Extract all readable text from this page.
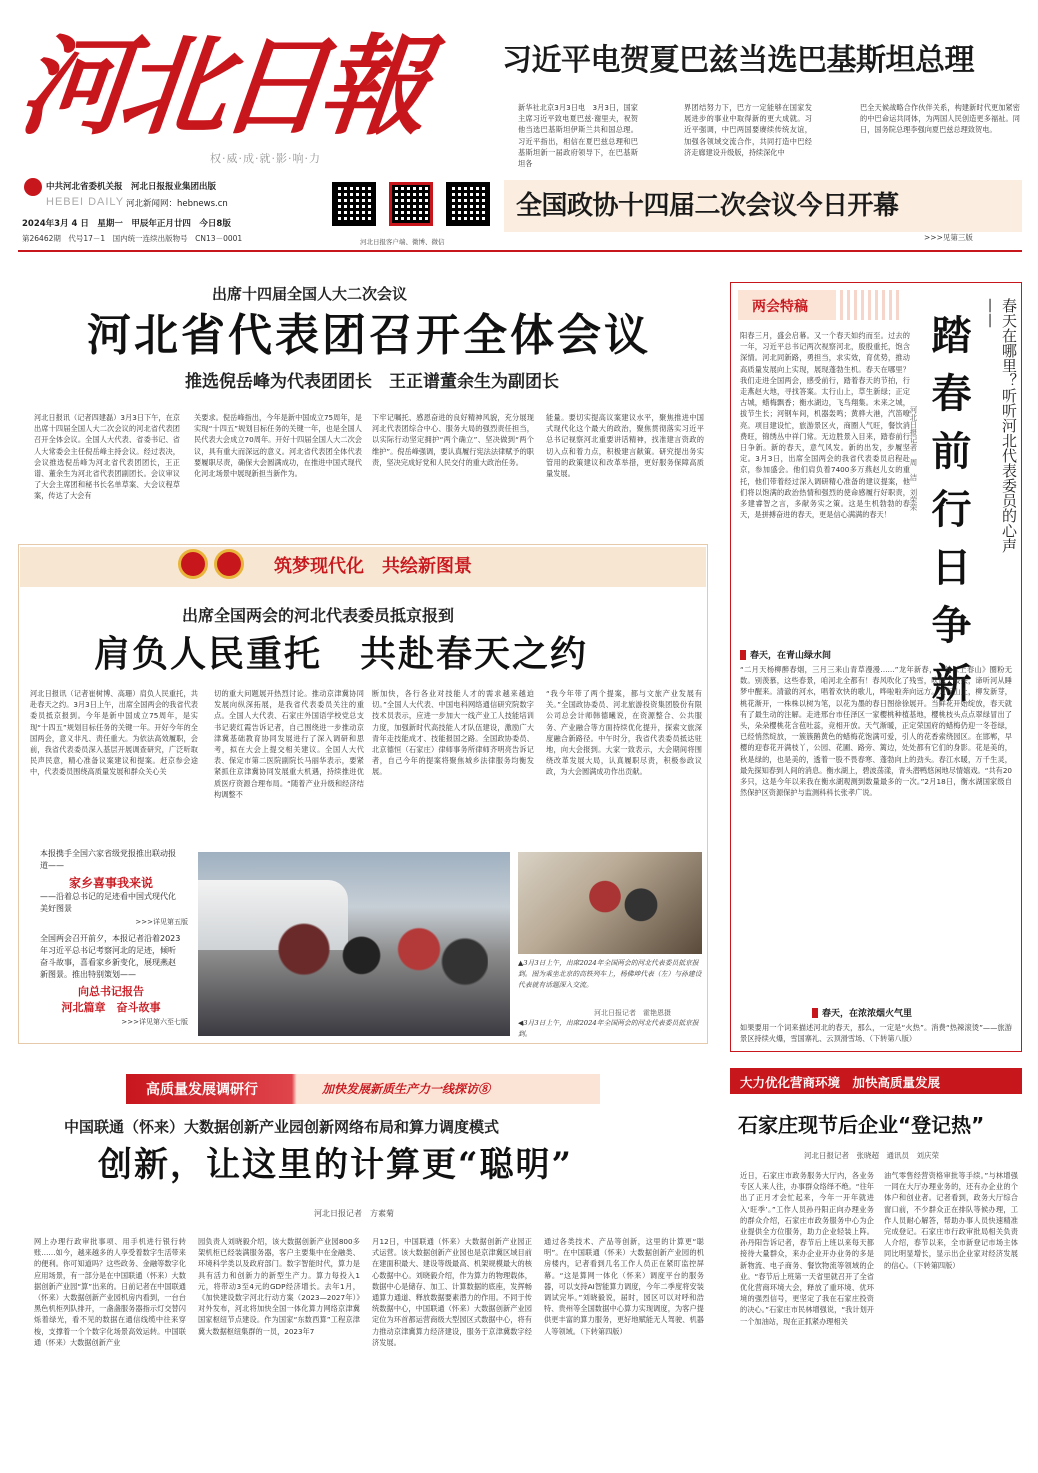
河北日報
权·威·成·就·影·响·力
中共河北省委机关报　河北日报报业集团出版
HEBEI DAILY 河北新闻网：hebnews.cn
2024年3月 4 日　星期一　甲辰年正月廿四　今日8版
第26462期　代号17－1　国内统一连续出版物号　CN13－0001	河北日报客户端、微博、微信
习近平电贺夏巴兹当选巴基斯坦总理
新华社北京3月3日电　3月3日，国家主席习近平致电夏巴兹·谢里夫，祝贺他当选巴基斯坦伊斯兰共和国总理。习近平指出，相信在夏巴兹总理和巴基斯坦新一届政府领导下，在巴基斯坦各
界团结努力下，巴方一定能够在国家发展进步的事业中取得新的更大成就。习近平强调，中巴两国要赓续传统友谊，加强各领域交流合作，共同打造中巴经济走廊建设升级版，持续深化中
巴全天候战略合作伙伴关系，构建新时代更加紧密的中巴命运共同体，为两国人民创造更多福祉。同日，国务院总理李强向夏巴兹总理致贺电。
全国政协十四届二次会议今日开幕
>>>见第三版
出席十四届全国人大二次会议
河北省代表团召开全体会议
推选倪岳峰为代表团团长　王正谱董余生为副团长
河北日报讯（记者四建磊）3月3日下午，在京出席十四届全国人大二次会议的河北省代表团召开全体会议。全国人大代表、省委书记、省人大常委会主任倪岳峰主持会议。经过表决，会议推选倪岳峰为河北省代表团团长，王正谱、董余生为河北省代表团副团长。会议审议了大会主席团和秘书长名单草案、大会议程草案，传达了大会有
关要求。倪岳峰指出，今年是新中国成立75周年，是实现“十四五”规划目标任务的关键一年，也是全国人民代表大会成立70周年。开好十四届全国人大二次会议，具有重大而深远的意义。河北省代表团全体代表要履职尽责，确保大会圆满成功，在推进中国式现代化河北场景中展现新担当新作为。
下牢记嘱托、感恩奋进的良好精神风貌，充分展现河北代表团综合中心、服务大局的强烈责任担当，以实际行动坚定拥护“两个确立”、坚决做到“两个维护”。倪岳峰强调，要认真履行宪法法律赋予的职责，坚决完成好党和人民交付的重大政治任务。
能量。要切实提高议案建议水平，聚焦推进中国式现代化这个最大的政治，聚焦贯彻落实习近平总书记视察河北重要讲话精神，找准建言资政的切入点和着力点，积极建言献策。研究提出务实管用的政策建议和改革举措，更好服务保障高质量发展。
筑梦现代化　共绘新图景
出席全国两会的河北代表委员抵京报到
肩负人民重托　共赴春天之约
河北日报讯（记者崔树博、高珊）肩负人民重托，共赴春天之约。3月3日上午，出席全国两会的我省代表委员抵京报到。今年是新中国成立75周年，是实现“十四五”规划目标任务的关键一年。开好今年的全国两会，意义非凡、责任重大。为依法高效履职，会前，我省代表委员深入基层开展调查研究，广泛听取民声民意，精心准备议案建议和提案。赶京参会途中，代表委员围绕高质量发展和群众关心关
切的重大问题展开热烈讨论。推动京津冀协同发展向纵深拓展，是我省代表委员关注的重点。全国人大代表、石家庄外国语学校党总支书记裴红霞告诉记者，自己围绕进一步推动京津冀基础教育协同发展进行了深入调研和思考，拟在大会上提交相关建议。全国人大代表、保定市第二医院副院长马丽华表示，要紧紧抓住京津冀协同发展重大机遇，持续推进优质医疗资源合理布局。“随着产业升级和经济结构调整不
断加快，各行各业对技能人才的需求越来越迫切。”全国人大代表、中国电科网络通信研究院数字技术员表示，应进一步加大一线产业工人技能培训力度，加强新时代高技能人才队伍建设，激励广大青年走技能成才、技能报国之路。全国政协委员、北京德恒（石家庄）律师事务所律师齐明亮告诉记者，自己今年的提案将聚焦城乡法律服务均衡发展。
“我今年带了两个提案，都与文旅产业发展有关。”全国政协委员、河北旅游投资集团股份有限公司总会计师韩德曦说，在资源整合、公共服务、产业融合等方面持续优化提升，探索文旅深度融合新路径。中午时分，我省代表委员抵达驻地，向大会报到。大家一致表示，大会期间将围绕改革发展大局，认真履职尽责，积极参政议政，为大会圆满成功作出贡献。
本报携手全国六家省级党报推出联动报道——
家乡喜事我来说
——沿着总书记的足迹看中国式现代化美好图景
>>>详见第五版
全国两会召开前夕，本报记者沿着2023年习近平总书记考察河北的足迹，倾听奋斗故事，喜看家乡新变化，展现燕赵新图景。推出特别策划——
向总书记报告
河北篇章　奋斗故事
>>>详见第六至七版
▲3月3日上午，出席2024年全国两会的河北代表委员抵京报到。图为乘坐北京的高铁列车上，杨佛坤代表（左）与孙建设代表就有话题深入交流。
河北日报记者　霍艳恩摄
◀3月3日上午，出席2024年全国两会的河北代表委员抵京报到。
两会特稿
阳春三月，盛会启幕。又一个春天如约而至。过去的一年，习近平总书记两次视察河北，殷殷重托，饱含深情。河北同新路，勇担当，求实效，育优势，推动高质量发展向上实现，展现蓬勃生机。春天在哪里？我们走进全国两会，感受前行，踏着春天的节拍，行走燕赵大地，寻找答案。太行山上，草生新绿；正定古城，蜡梅飘香；衡水湖边，飞鸟翔集。未来之城，拔节生长；河钢车间，机器轰鸣；黄骅大港，汽笛嘹亮。项目建设忙，旅游景区火，商圈人气旺，餐饮消费旺，锦绣丛中祥门常。无边胜景入目来，踏春前行日争新。新的春天，意气风发。新的出发，步履坚定。3月3日，出席全国两会的我省代表委员启程赴京，参加盛会。他们肩负着7400多万燕赵儿女的重托，他们带着经过深入调研精心准备的建议提案，他们将以饱满的政治热情和强烈的使命感履行好职责，多建睿智之言，多献务实之策。这是生机勃勃的春天，是拼搏奋进的春天，更是信心满满的春天！	春天在哪里？听听河北代表委员的心声——
踏春前行日争新
河北日报记者　周　洁　刘荣荣
春天，在青山绿水间
“二月天杨柳醉春烟，三月三来山青草漫漫……”龙年新春，一首《上春山》圈粉无数。别羡慕，这些春景，咱河北全都有！春风吹化了残雪，吹绿了枝头，谛听河从睡梦中醒来。清澈的河水，唱着欢快的歌儿，哗啦啦奔向远方。太行山上，柳发新芽，桃花渐开，一株株以树为笔，以花为墨的春日图徐徐展开。当鲜花开始绽放，春天就有了最生动的注解。走进邢台市任泽区一家樱桃种植基地，樱桃枝头点点翠绿冒出了头，朵朵樱桃花含苞吐蕊，竞相开放。天气渐暖，正定荣国府的蜡梅仍迎一冬苍绿，已经悄然绽放，一簇簇鹅黄色的蜡梅花饱满可爱，引人的花香索绕园区。在邯郸，早樱的迎春花开满枝丫，公园、花圃、路旁、篱边，处处都有它们的身影。花是美的，秋是绿的，也是美的，透着一股不畏春寒、蓬勃向上的劲头。春江水暖，万千生灵，最先探知春到人间的消息。衡水湖上，碧波荡漾，青头潜鸭悠闲地尽情嬉戏。“共有20多只，这是今年以来我在衡水湖观测到数量最多的一次。”2月18日，衡水湖国家级自然保护区资源保护与监测科科长张孝广说。
春天，在浓浓烟火气里
如果要用一个词来描述河北的春天，那么，一定是“火热”。消费“热辣滚烫”——旅游景区持续火爆，雪国寨礼、云顶滑雪场、（下转第八版）
高质量发展调研行	加快发展新质生产力一线探访⑧
中国联通（怀来）大数据创新产业园创新网络布局和算力调度模式
创新，让这里的计算更“聪明”
河北日报记者　方素菊
网上办理行政审批事项、用手机进行银行转账……如今，越来越多的人享受着数字生活带来的便利。你可知道吗？这些政务、金融等数字化应用场景，有一部分是在中国联通（怀来）大数据创新产业园“算”出来的。日前记者在中国联通（怀来）大数据创新产业园机房内看到，一台台黑色机柜列队排开，一盏盏服务器指示灯交替闪烁着绿光，看不见的数据在通信线缆中往来穿梭，支撑着一个个数字化场景高效运转。中国联通（怀来）大数据创新产业
园负责人刘晓毅介绍，该大数据创新产业园800多架机柜已经装满服务器，客户主要集中在金融类、环境科学类以及政府部门。数字智能时代，算力是具有活力和创新力的新型生产力。算力每投入1元，将带动3至4元的GDP经济增长。去年1月，《加快建设数字河北行动方案（2023—2027年）》对外发布，河北将加快全国一体化算力网络京津冀国家枢纽节点建设。作为国家“东数西算”工程京津冀大数据枢纽集群的一员，2023年7
月12日，中国联通（怀来）大数据创新产业园正式运营。该大数据创新产业园也是京津冀区域目前在建面积最大、建设等级最高、机架规模最大的核心数据中心。刘晓毅介绍，作为算力的物理载体，数据中心是储存、加工、计算数据的底座，发挥畅通算力通道、释放数据要素潜力的作用。不同于传统数据中心，中国联通（怀来）大数据创新产业园定位为环首都运营商级大型园区式数据中心，将有力推动京津冀算力经济建设，服务于京津冀数字经济发展。
通过各类技术、产品等创新，这里的计算更“聪明”。在中国联通（怀来）大数据创新产业园的机房楼内，记者看到几名工作人员正在紧盯监控屏幕。“这是算网一体化（怀来）调度平台的服务器，可以支持AI智能算力调度，今年二季度将安装调试完毕。”刘晓毅说，届时，园区可以对呼和浩特、贵州等全国数据中心算力实现调度，为客户提供更丰富的算力服务，更好地赋能无人驾驶、机器人等领域。（下转第四版）
大力优化营商环境　加快高质量发展
石家庄现节后企业“登记热”
河北日报记者　张晓超　通讯员　刘庆荣
近日，石家庄市政务服务大厅内，各业务专区人来人往，办事群众络绎不绝。“往年出了正月才会忙起来，今年一开年就进入‘旺季’。”工作人员孙丹阳正向办理业务的群众介绍，石家庄市政务服务中心为企业提供全方位服务，助力企业轻装上阵。孙丹阳告诉记者，春节后上班以来每天都接待大量群众，来办企业开办业务的多是新物流、电子商务、餐饮物流等领域的企业。“春节后上班第一天省里就召开了全省优化营商环境大会，释放了重环境、优环境的强烈信号，更坚定了我在石家庄投资的决心。”石家庄市民林增强说，“我计划开一个加油站，现在正抓紧办理相关
油气零售经营资格审批等手续。”与林增强一同在大厅办理业务的，还有办企业的个体户和创业者。记者看到，政务大厅综合窗口前，不少群众正在排队等候办理，工作人员耐心解答，帮助办事人员快速精准完成登记。石家庄市行政审批局相关负责人介绍，春节以来，全市新登记市场主体同比明显增长，显示出企业家对经济发展的信心。（下转第四版）
